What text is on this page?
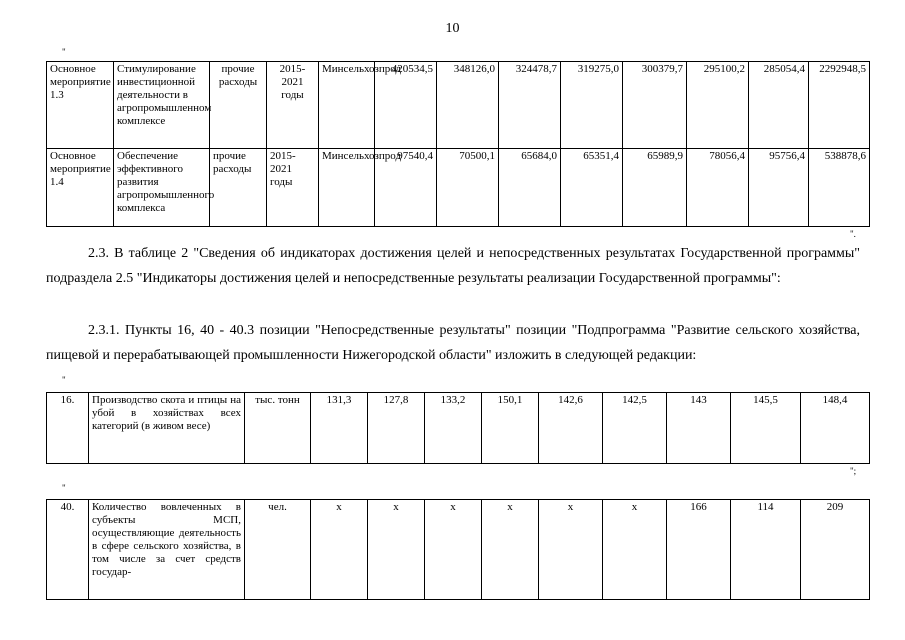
10
"
Основное мероприятие 1.3	Стимулирование инвестиционной деятельности в агропромышленном комплексе	прочие расходы	2015-2021 годы	Минсельхозпрод	420534,5	348126,0	324478,7	319275,0	300379,7	295100,2	285054,4	2292948,5
Основное мероприятие 1.4	Обеспечение эффективного развития агропромышленного комплекса	прочие расходы	2015-2021 годы	Минсельхозпрод	97540,4	70500,1	65684,0	65351,4	65989,9	78056,4	95756,4	538878,6
".

2.3. В таблице 2 "Сведения об индикаторах достижения целей и непосредственных результатах Государственной программы" подраздела 2.5 "Индикаторы достижения целей и непосредственные результаты реализации Государственной программы":

2.3.1. Пункты 16, 40 - 40.3 позиции "Непосредственные результаты" позиции "Подпрограмма "Развитие сельского хозяйства, пищевой и перерабатывающей промышленности Нижегородской области" изложить в следующей редакции:

"
16.	Производство скота и птицы на убой в хозяйствах всех категорий (в живом весе)	тыс. тонн	131,3	127,8	133,2	150,1	142,6	142,5	143	145,5	148,4
";
"
40.	Количество вовлеченных в субъекты МСП, осуществляющие деятельность в сфере сельского хозяйства, в том числе за счет средств государ-	чел.	x	x	x	x	x	x	166	114	209
